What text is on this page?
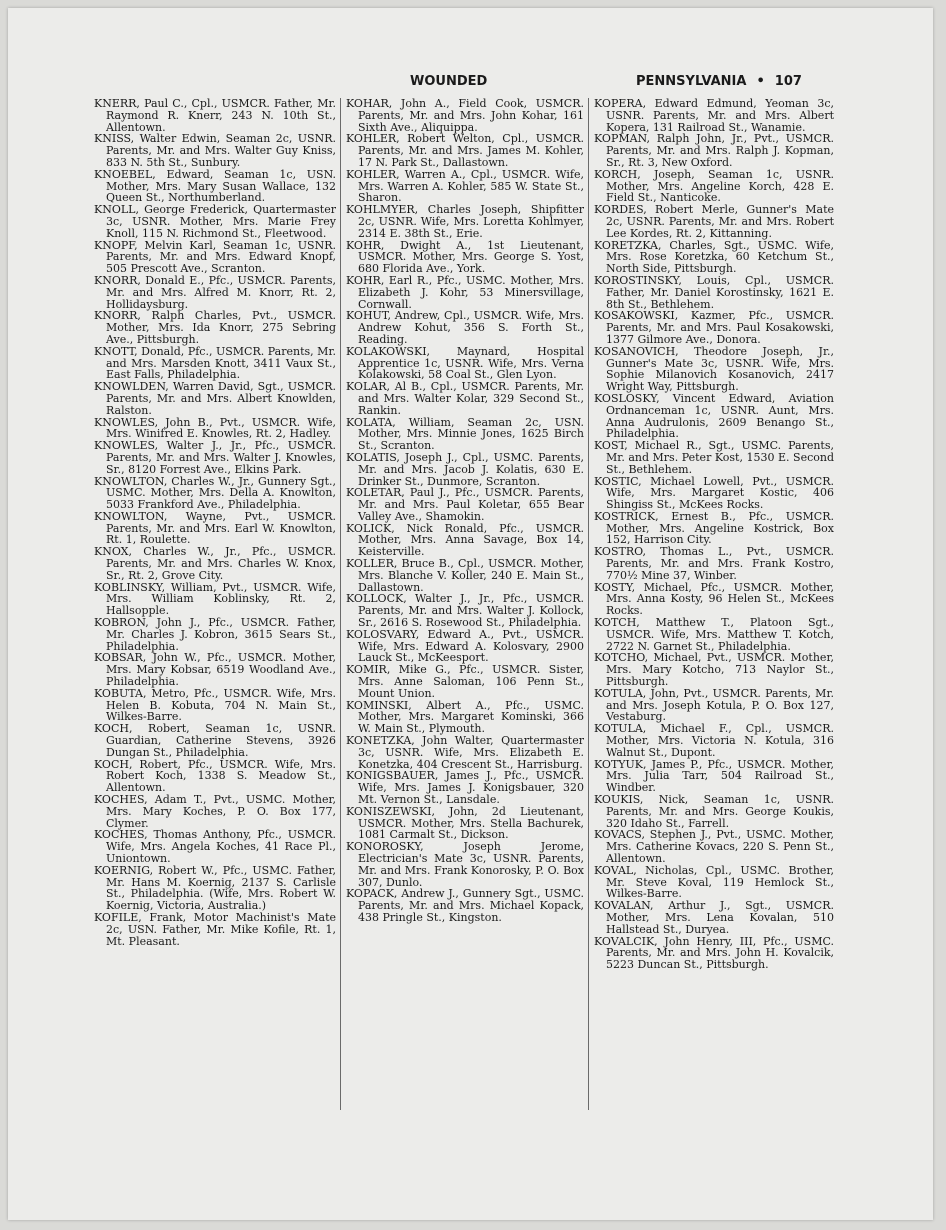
WOUNDED	PENNSYLVANIA • 107

KNERR, Paul C., Cpl., USMCR. Father, Mr. Raymond R. Knerr, 243 N. 10th St., Allentown.

KNISS, Walter Edwin, Seaman 2c, USNR. Parents, Mr. and Mrs. Walter Guy Kniss, 833 N. 5th St., Sunbury.

KNOEBEL, Edward, Seaman 1c, USN. Mother, Mrs. Mary Susan Wallace, 132 Queen St., Northumberland.

KNOLL, George Frederick, Quartermaster 3c, USNR. Mother, Mrs. Marie Frey Knoll, 115 N. Richmond St., Fleetwood.

KNOPF, Melvin Karl, Seaman 1c, USNR. Parents, Mr. and Mrs. Edward Knopf, 505 Prescott Ave., Scranton.

KNORR, Donald E., Pfc., USMCR. Parents, Mr. and Mrs. Alfred M. Knorr, Rt. 2, Hollidaysburg.

KNORR, Ralph Charles, Pvt., USMCR. Mother, Mrs. Ida Knorr, 275 Sebring Ave., Pittsburgh.

KNOTT, Donald, Pfc., USMCR. Parents, Mr. and Mrs. Marsden Knott, 3411 Vaux St., East Falls, Philadelphia.

KNOWLDEN, Warren David, Sgt., USMCR. Parents, Mr. and Mrs. Albert Knowlden, Ralston.

KNOWLES, John B., Pvt., USMCR. Wife, Mrs. Winifred E. Knowles, Rt. 2, Hadley.

KNOWLES, Walter J., Jr., Pfc., USMCR. Parents, Mr. and Mrs. Walter J. Knowles, Sr., 8120 Forrest Ave., Elkins Park.

KNOWLTON, Charles W., Jr., Gunnery Sgt., USMC. Mother, Mrs. Della A. Knowlton, 5033 Frankford Ave., Philadelphia.

KNOWLTON, Wayne, Pvt., USMCR. Parents, Mr. and Mrs. Earl W. Knowlton, Rt. 1, Roulette.

KNOX, Charles W., Jr., Pfc., USMCR. Parents, Mr. and Mrs. Charles W. Knox, Sr., Rt. 2, Grove City.

KOBLINSKY, William, Pvt., USMCR. Wife, Mrs. William Koblinsky, Rt. 2, Hallsopple.

KOBRON, John J., Pfc., USMCR. Father, Mr. Charles J. Kobron, 3615 Sears St., Philadelphia.

KOBSAR, John W., Pfc., USMCR. Mother, Mrs. Mary Kobsar, 6519 Woodland Ave., Philadelphia.

KOBUTA, Metro, Pfc., USMCR. Wife, Mrs. Helen B. Kobuta, 704 N. Main St., Wilkes-Barre.

KOCH, Robert, Seaman 1c, USNR. Guardian, Catherine Stevens, 3926 Dungan St., Philadelphia.

KOCH, Robert, Pfc., USMCR. Wife, Mrs. Robert Koch, 1338 S. Meadow St., Allentown.

KOCHES, Adam T., Pvt., USMC. Mother, Mrs. Mary Koches, P. O. Box 177, Clymer.

KOCHES, Thomas Anthony, Pfc., USMCR. Wife, Mrs. Angela Koches, 41 Race Pl., Uniontown.

KOERNIG, Robert W., Pfc., USMC. Father, Mr. Hans M. Koernig, 2137 S. Carlisle St., Philadelphia. (Wife, Mrs. Robert W. Koernig, Victoria, Australia.)

KOFILE, Frank, Motor Machinist's Mate 2c, USN. Father, Mr. Mike Kofile, Rt. 1, Mt. Pleasant.

KOHAR, John A., Field Cook, USMCR. Parents, Mr. and Mrs. John Kohar, 161 Sixth Ave., Aliquippa.

KOHLER, Robert Welton, Cpl., USMCR. Parents, Mr. and Mrs. James M. Kohler, 17 N. Park St., Dallastown.

KOHLER, Warren A., Cpl., USMCR. Wife, Mrs. Warren A. Kohler, 585 W. State St., Sharon.

KOHLMYER, Charles Joseph, Shipfitter 2c, USNR. Wife, Mrs. Loretta Kohlmyer, 2314 E. 38th St., Erie.

KOHR, Dwight A., 1st Lieutenant, USMCR. Mother, Mrs. George S. Yost, 680 Florida Ave., York.

KOHR, Earl R., Pfc., USMC. Mother, Mrs. Elizabeth J. Kohr, 53 Minersvillage, Cornwall.

KOHUT, Andrew, Cpl., USMCR. Wife, Mrs. Andrew Kohut, 356 S. Forth St., Reading.

KOLAKOWSKI, Maynard, Hospital Apprentice 1c, USNR. Wife, Mrs. Verna Kolakowski, 58 Coal St., Glen Lyon.

KOLAR, Al B., Cpl., USMCR. Parents, Mr. and Mrs. Walter Kolar, 329 Second St., Rankin.

KOLATA, William, Seaman 2c, USN. Mother, Mrs. Minnie Jones, 1625 Birch St., Scranton.

KOLATIS, Joseph J., Cpl., USMC. Parents, Mr. and Mrs. Jacob J. Kolatis, 630 E. Drinker St., Dunmore, Scranton.

KOLETAR, Paul J., Pfc., USMCR. Parents, Mr. and Mrs. Paul Koletar, 655 Bear Valley Ave., Shamokin.

KOLICK, Nick Ronald, Pfc., USMCR. Mother, Mrs. Anna Savage, Box 14, Keisterville.

KOLLER, Bruce B., Cpl., USMCR. Mother, Mrs. Blanche V. Koller, 240 E. Main St., Dallastown.

KOLLOCK, Walter J., Jr., Pfc., USMCR. Parents, Mr. and Mrs. Walter J. Kollock, Sr., 2616 S. Rosewood St., Philadelphia.

KOLOSVARY, Edward A., Pvt., USMCR. Wife, Mrs. Edward A. Kolosvary, 2900 Lauck St., McKeesport.

KOMIR, Mike G., Pfc., USMCR. Sister, Mrs. Anne Saloman, 106 Penn St., Mount Union.

KOMINSKI, Albert A., Pfc., USMC. Mother, Mrs. Margaret Kominski, 366 W. Main St., Plymouth.

KONETZKA, John Walter, Quartermaster 3c, USNR. Wife, Mrs. Elizabeth E. Konetzka, 404 Crescent St., Harrisburg.

KONIGSBAUER, James J., Pfc., USMCR. Wife, Mrs. James J. Konigsbauer, 320 Mt. Vernon St., Lansdale.

KONISZEWSKI, John, 2d Lieutenant, USMCR. Mother, Mrs. Stella Bachurek, 1081 Carmalt St., Dickson.

KONOROSKY, Joseph Jerome, Electrician's Mate 3c, USNR. Parents, Mr. and Mrs. Frank Konorosky, P. O. Box 307, Dunlo.

KOPACK, Andrew J., Gunnery Sgt., USMC. Parents, Mr. and Mrs. Michael Kopack, 438 Pringle St., Kingston.

KOPERA, Edward Edmund, Yeoman 3c, USNR. Parents, Mr. and Mrs. Albert Kopera, 131 Railroad St., Wanamie.

KOPMAN, Ralph John, Jr., Pvt., USMCR. Parents, Mr. and Mrs. Ralph J. Kopman, Sr., Rt. 3, New Oxford.

KORCH, Joseph, Seaman 1c, USNR. Mother, Mrs. Angeline Korch, 428 E. Field St., Nanticoke.

KORDES, Robert Merle, Gunner's Mate 2c, USNR. Parents, Mr. and Mrs. Robert Lee Kordes, Rt. 2, Kittanning.

KORETZKA, Charles, Sgt., USMC. Wife, Mrs. Rose Koretzka, 60 Ketchum St., North Side, Pittsburgh.

KOROSTINSKY, Louis, Cpl., USMCR. Father, Mr. Daniel Korostinsky, 1621 E. 8th St., Bethlehem.

KOSAKOWSKI, Kazmer, Pfc., USMCR. Parents, Mr. and Mrs. Paul Kosakowski, 1377 Gilmore Ave., Donora.

KOSANOVICH, Theodore Joseph, Jr., Gunner's Mate 3c, USNR. Wife, Mrs. Sophie Milanovich Kosanovich, 2417 Wright Way, Pittsburgh.

KOSLOSKY, Vincent Edward, Aviation Ordnanceman 1c, USNR. Aunt, Mrs. Anna Audrulonis, 2609 Benango St., Philadelphia.

KOST, Michael R., Sgt., USMC. Parents, Mr. and Mrs. Peter Kost, 1530 E. Second St., Bethlehem.

KOSTIC, Michael Lowell, Pvt., USMCR. Wife, Mrs. Margaret Kostic, 406 Shingiss St., McKees Rocks.

KOSTRICK, Ernest B., Pfc., USMCR. Mother, Mrs. Angeline Kostrick, Box 152, Harrison City.

KOSTRO, Thomas L., Pvt., USMCR. Parents, Mr. and Mrs. Frank Kostro, 770½ Mine 37, Winber.

KOSTY, Michael, Pfc., USMCR. Mother, Mrs. Anna Kosty, 96 Helen St., McKees Rocks.

KOTCH, Matthew T., Platoon Sgt., USMCR. Wife, Mrs. Matthew T. Kotch, 2722 N. Garnet St., Philadelphia.

KOTCHO, Michael, Pvt., USMCR. Mother, Mrs. Mary Kotcho, 713 Naylor St., Pittsburgh.

KOTULA, John, Pvt., USMCR. Parents, Mr. and Mrs. Joseph Kotula, P. O. Box 127, Vestaburg.

KOTULA, Michael F., Cpl., USMCR. Mother, Mrs. Victoria N. Kotula, 316 Walnut St., Dupont.

KOTYUK, James P., Pfc., USMCR. Mother, Mrs. Julia Tarr, 504 Railroad St., Windber.

KOUKIS, Nick, Seaman 1c, USNR. Parents, Mr. and Mrs. George Koukis, 320 Idaho St., Farrell.

KOVACS, Stephen J., Pvt., USMC. Mother, Mrs. Catherine Kovacs, 220 S. Penn St., Allentown.

KOVAL, Nicholas, Cpl., USMC. Brother, Mr. Steve Koval, 119 Hemlock St., Wilkes-Barre.

KOVALAN, Arthur J., Sgt., USMCR. Mother, Mrs. Lena Kovalan, 510 Hallstead St., Duryea.

KOVALCIK, John Henry, III, Pfc., USMC. Parents, Mr. and Mrs. John H. Kovalcik, 5223 Duncan St., Pittsburgh.
